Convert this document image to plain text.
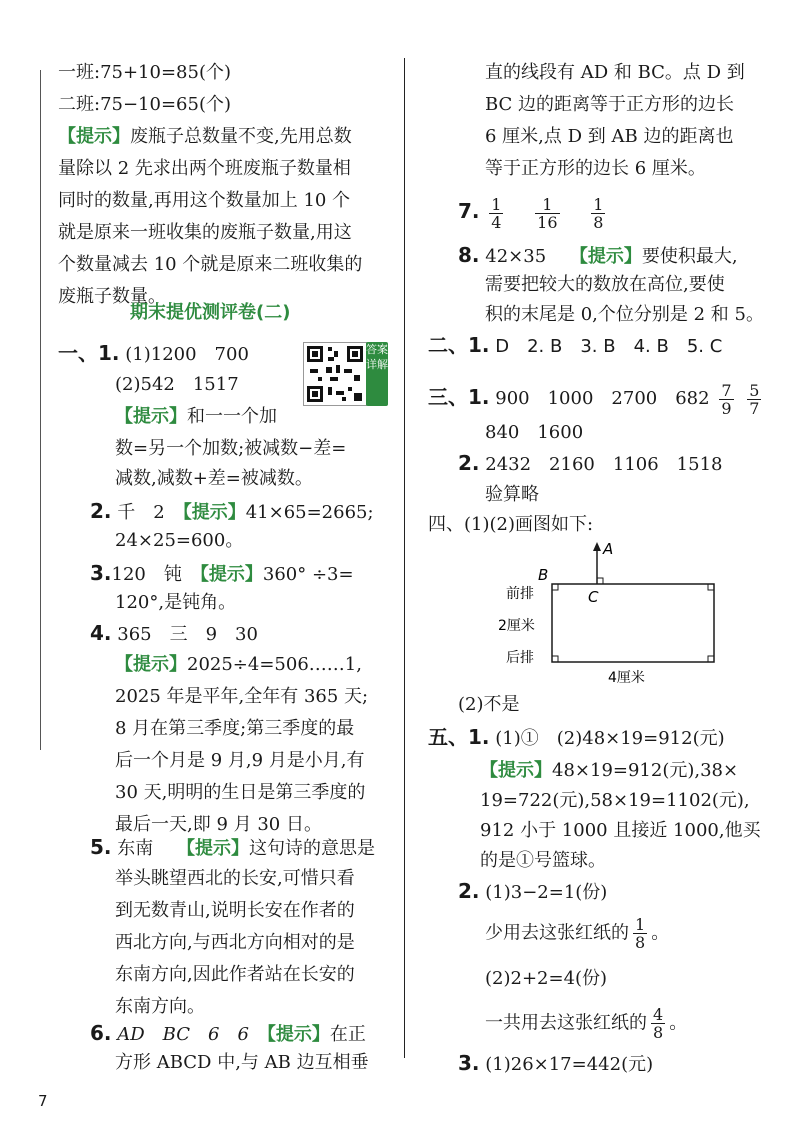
一班:75+10=85(个)
二班:75−10=65(个)
【提示】废瓶子总数量不变,先用总数
量除以 2 先求出两个班废瓶子数量相
同时的数量,再用这个数量加上 10 个
就是原来一班收集的废瓶子数量,用这
个数量减去 10 个就是原来二班收集的
废瓶子数量。
期末提优测评卷(二)
一、1. (1)1200　700
(2)542　1517
【提示】和一一个加
数=另一个加数;被减数−差=
减数,减数+差=被减数。
答案详解
2. 千　2　 【提示】41×65=2665;
24×25=600。
3.120　钝　 【提示】360° ÷3=
120°,是钝角。
4. 365　三　9　30
【提示】2025÷4=506……1,
2025 年是平年,全年有 365 天;
8 月在第三季度;第三季度的最
后一个月是 9 月,9 月是小月,有
30 天,明明的生日是第三季度的
最后一天,即 9 月 30 日。
5. 东南　 【提示】这句诗的意思是
举头眺望西北的长安,可惜只看
到无数青山,说明长安在作者的
西北方向,与西北方向相对的是
东南方向,因此作者站在长安的
东南方向。
6. AD　BC　6　6　 【提示】在正
方形 ABCD 中,与 AB 边互相垂
直的线段有 AD 和 BC。点 D 到
BC 边的距离等于正方形的边长
6 厘米,点 D 到 AB 边的距离也
等于正方形的边长 6 厘米。
7. $\frac{1}{4}$
　 $\frac{1}{16}$
　 $\frac{1}{8}$
8. 42×35　 【提示】要使积最大,
需要把较大的数放在高位,要使
积的末尾是 0,个位分别是 2 和 5。
二、1. D　2. B　3. B　4. B　5. C
三、1. 900　1000　2700　$682 \frac{7}{9}$
$\frac{5}{7}$
840　1600
2. 2432　2160　1106　1518
验算略
四、(1)(2)画图如下:
A
B
C
前排
2厘米
后排
4厘米
(2)不是
五、1. (1)①　(2)48×19=912(元)
【提示】48×19=912(元),38×
19=722(元),58×19=1102(元),
912 小于 1000 且接近 1000,他买
的是①号篮球。
2. (1)3−2=1(份)
少用去这张红纸的 $\frac{1}{8}$ 。
(2)2+2=4(份)
一共用去这张红纸的 $\frac{4}{8}$ 。
3. (1)26×17=442(元)
7
